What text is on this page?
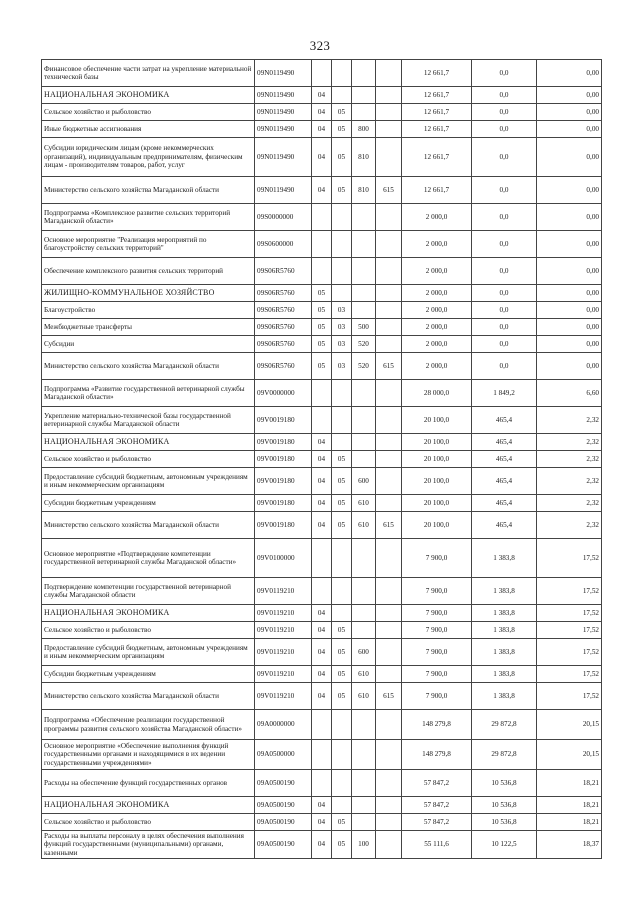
323
Финансовое обеспечение части затрат на укрепление материальной технической базы	09N0119490					12 661,7	0,0	0,00
НАЦИОНАЛЬНАЯ ЭКОНОМИКА	09N0119490	04				12 661,7	0,0	0,00
Сельское хозяйство и рыболовство	09N0119490	04	05			12 661,7	0,0	0,00
Иные бюджетные ассигнования	09N0119490	04	05	800		12 661,7	0,0	0,00
Субсидии юридическим лицам (кроме некоммерческих организаций), индивидуальным предпринимателям, физическим лицам - производителям товаров, работ, услуг	09N0119490	04	05	810		12 661,7	0,0	0,00
Министерство сельского хозяйства Магаданской области	09N0119490	04	05	810	615	12 661,7	0,0	0,00
Подпрограмма «Комплексное развитие сельских территорий Магаданской области»	09S0000000					2 000,0	0,0	0,00
Основное мероприятие "Реализация мероприятий по благоустройству сельских территорий"	09S0600000					2 000,0	0,0	0,00
Обеспечение комплексного развития сельских территорий	09S06R5760					2 000,0	0,0	0,00
ЖИЛИЩНО-КОММУНАЛЬНОЕ ХОЗЯЙСТВО	09S06R5760	05				2 000,0	0,0	0,00
Благоустройство	09S06R5760	05	03			2 000,0	0,0	0,00
Межбюджетные трансферты	09S06R5760	05	03	500		2 000,0	0,0	0,00
Субсидии	09S06R5760	05	03	520		2 000,0	0,0	0,00
Министерство сельского хозяйства Магаданской области	09S06R5760	05	03	520	615	2 000,0	0,0	0,00
Подпрограмма «Развитие государственной ветеринарной службы Магаданской области»	09V0000000					28 000,0	1 849,2	6,60
Укрепление материально-технической базы государственной ветеринарной службы Магаданской области	09V0019180					20 100,0	465,4	2,32
НАЦИОНАЛЬНАЯ ЭКОНОМИКА	09V0019180	04				20 100,0	465,4	2,32
Сельское хозяйство и рыболовство	09V0019180	04	05			20 100,0	465,4	2,32
Предоставление субсидий бюджетным, автономным учреждениям и иным некоммерческим организациям	09V0019180	04	05	600		20 100,0	465,4	2,32
Субсидии бюджетным учреждениям	09V0019180	04	05	610		20 100,0	465,4	2,32
Министерство сельского хозяйства Магаданской области	09V0019180	04	05	610	615	20 100,0	465,4	2,32
Основное мероприятие «Подтверждение компетенции государственной ветеринарной службы Магаданской области»	09V0100000					7 900,0	1 383,8	17,52
Подтверждение компетенции государственной ветеринарной службы Магаданской области	09V0119210					7 900,0	1 383,8	17,52
НАЦИОНАЛЬНАЯ ЭКОНОМИКА	09V0119210	04				7 900,0	1 383,8	17,52
Сельское хозяйство и рыболовство	09V0119210	04	05			7 900,0	1 383,8	17,52
Предоставление субсидий бюджетным, автономным учреждениям и иным некоммерческим организациям	09V0119210	04	05	600		7 900,0	1 383,8	17,52
Субсидии бюджетным учреждениям	09V0119210	04	05	610		7 900,0	1 383,8	17,52
Министерство сельского хозяйства Магаданской области	09V0119210	04	05	610	615	7 900,0	1 383,8	17,52
Подпрограмма «Обеспечение реализации государственной программы развития сельского хозяйства Магаданской области»	09A0000000					148 279,8	29 872,8	20,15
Основное мероприятие «Обеспечение выполнения функций государственными органами и находящимися в их ведении государственными учреждениями»	09A0500000					148 279,8	29 872,8	20,15
Расходы на обеспечение функций государственных органов	09A0500190					57 847,2	10 536,8	18,21
НАЦИОНАЛЬНАЯ ЭКОНОМИКА	09A0500190	04				57 847,2	10 536,8	18,21
Сельское хозяйство и рыболовство	09A0500190	04	05			57 847,2	10 536,8	18,21
Расходы на выплаты персоналу в целях обеспечения выполнения функций государственными (муниципальными) органами, казенными	09A0500190	04	05	100		55 111,6	10 122,5	18,37
